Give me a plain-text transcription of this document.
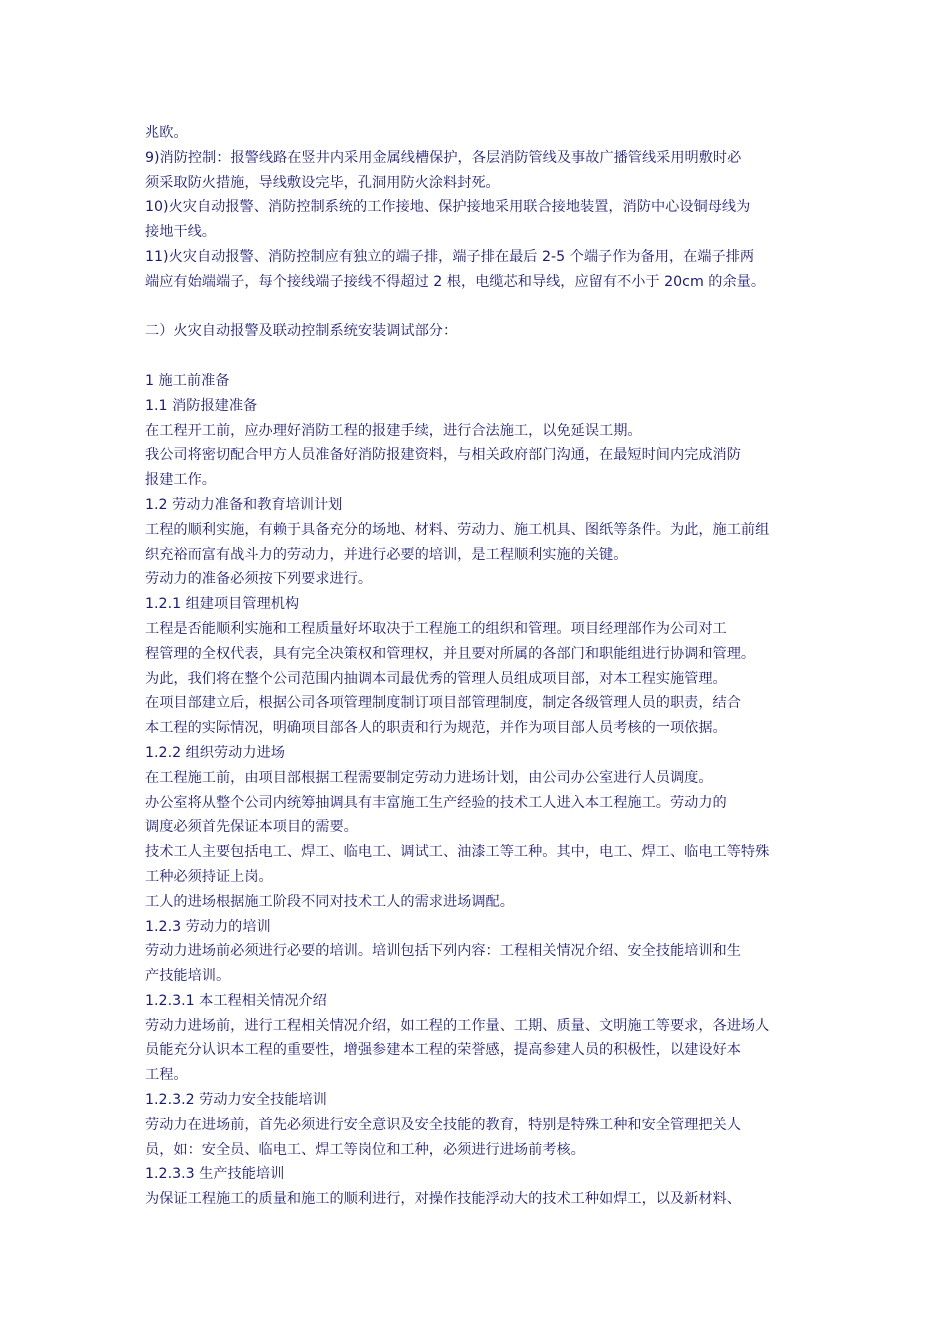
兆欧。
9)消防控制：报警线路在竖井内采用金属线槽保护，各层消防管线及事故广播管线采用明敷时必
须采取防火措施，导线敷设完毕，孔洞用防火涂料封死。
10)火灾自动报警、消防控制系统的工作接地、保护接地采用联合接地装置，消防中心设铜母线为
接地干线。
11)火灾自动报警、消防控制应有独立的端子排，端子排在最后 2-5 个端子作为备用，在端子排两
端应有始端端子，每个接线端子接线不得超过 2 根，电缆芯和导线，应留有不小于 20cm 的余量。
二）火灾自动报警及联动控制系统安装调试部分：
1 施工前准备
1.1 消防报建准备
在工程开工前，应办理好消防工程的报建手续，进行合法施工，以免延误工期。
我公司将密切配合甲方人员准备好消防报建资料，与相关政府部门沟通，在最短时间内完成消防
报建工作。
1.2 劳动力准备和教育培训计划
工程的顺利实施，有赖于具备充分的场地、材料、劳动力、施工机具、图纸等条件。为此，施工前组
织充裕而富有战斗力的劳动力，并进行必要的培训，是工程顺利实施的关键。
劳动力的准备必须按下列要求进行。
1.2.1 组建项目管理机构
工程是否能顺利实施和工程质量好坏取决于工程施工的组织和管理。项目经理部作为公司对工
程管理的全权代表，具有完全决策权和管理权，并且要对所属的各部门和职能组进行协调和管理。
为此，我们将在整个公司范围内抽调本司最优秀的管理人员组成项目部，对本工程实施管理。
在项目部建立后，根据公司各项管理制度制订项目部管理制度，制定各级管理人员的职责，结合
本工程的实际情况，明确项目部各人的职责和行为规范，并作为项目部人员考核的一项依据。
1.2.2 组织劳动力进场
在工程施工前，由项目部根据工程需要制定劳动力进场计划，由公司办公室进行人员调度。
办公室将从整个公司内统筹抽调具有丰富施工生产经验的技术工人进入本工程施工。劳动力的
调度必须首先保证本项目的需要。
技术工人主要包括电工、焊工、临电工、调试工、油漆工等工种。其中，电工、焊工、临电工等特殊
工种必须持证上岗。
工人的进场根据施工阶段不同对技术工人的需求进场调配。
1.2.3 劳动力的培训
劳动力进场前必须进行必要的培训。培训包括下列内容：工程相关情况介绍、安全技能培训和生
产技能培训。
1.2.3.1 本工程相关情况介绍
劳动力进场前，进行工程相关情况介绍，如工程的工作量、工期、质量、文明施工等要求，各进场人
员能充分认识本工程的重要性，增强参建本工程的荣誉感，提高参建人员的积极性，以建设好本
工程。
1.2.3.2 劳动力安全技能培训
劳动力在进场前，首先必须进行安全意识及安全技能的教育，特别是特殊工种和安全管理把关人
员，如：安全员、临电工、焊工等岗位和工种，必须进行进场前考核。
1.2.3.3 生产技能培训
为保证工程施工的质量和施工的顺利进行，对操作技能浮动大的技术工种如焊工，以及新材料、
